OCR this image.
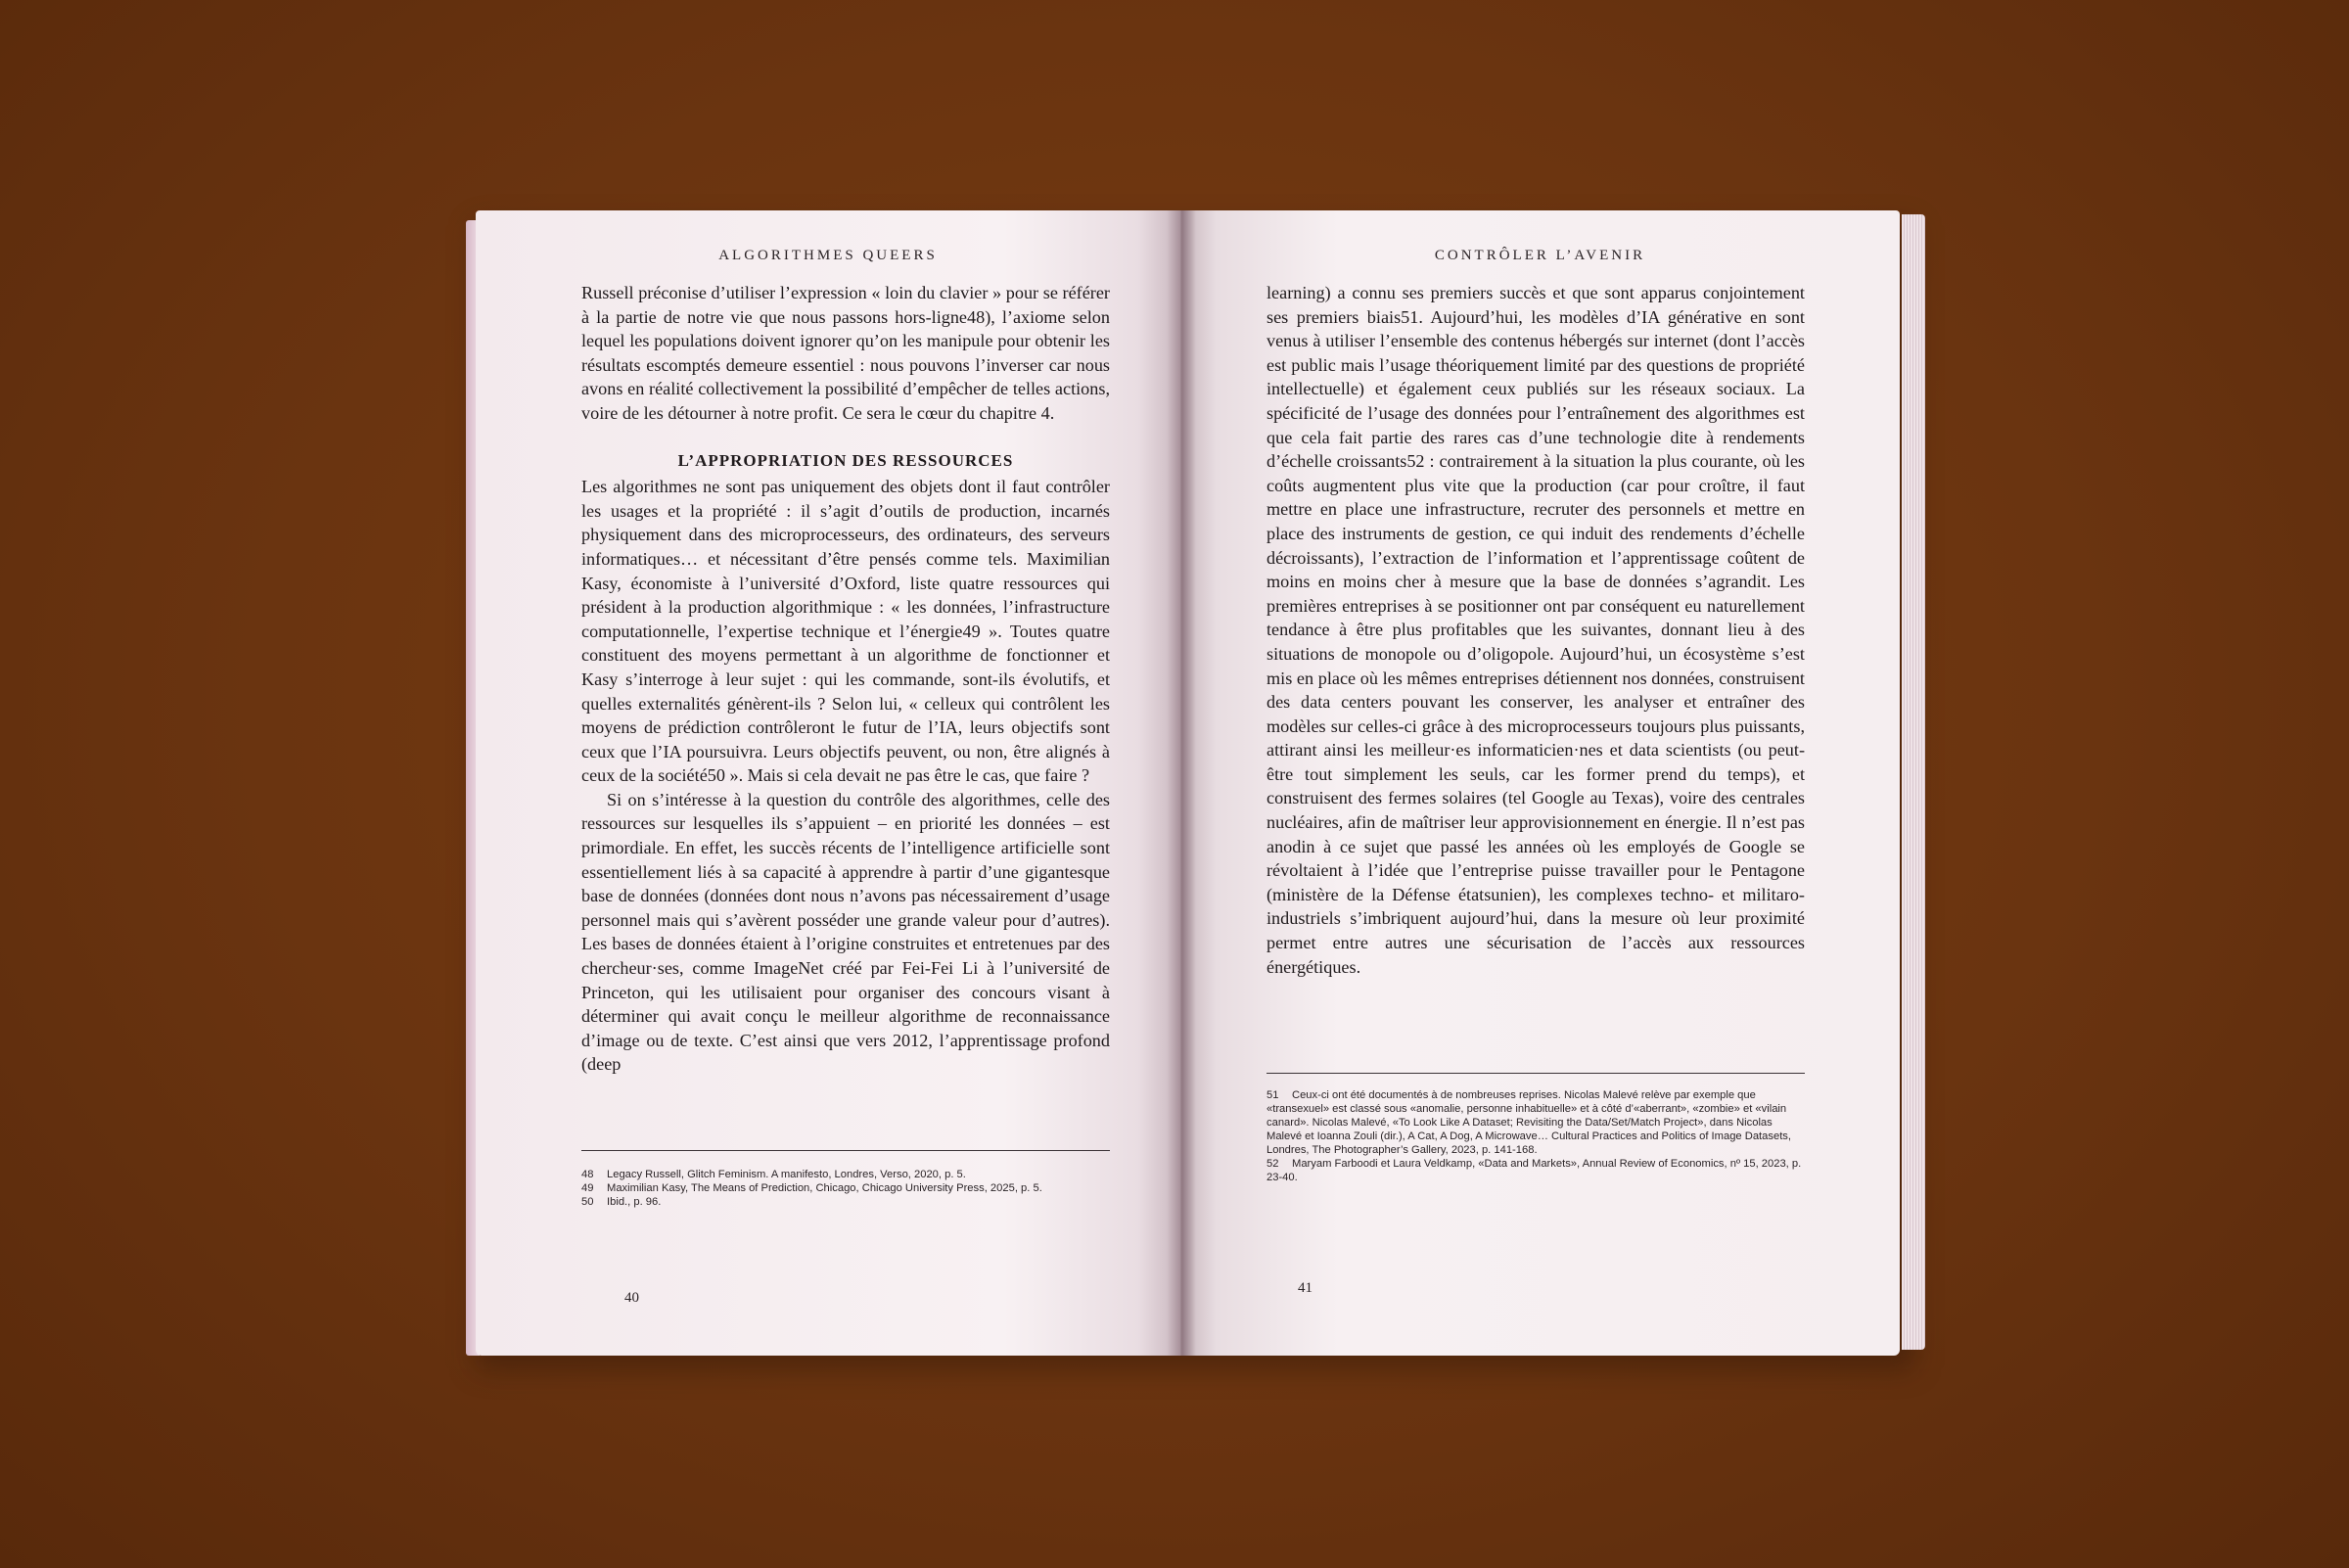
ALGORITHMES QUEERS

Russell préconise d’utiliser l’expression « loin du clavier » pour se référer à la partie de notre vie que nous passons hors-ligne48), l’axiome selon lequel les populations doivent ignorer qu’on les manipule pour obtenir les résultats escomptés demeure essentiel : nous pouvons l’inverser car nous avons en réalité collectivement la possibilité d’empêcher de telles actions, voire de les détourner à notre profit. Ce sera le cœur du chapitre 4.

L’APPROPRIATION DES RESSOURCES

Les algorithmes ne sont pas uniquement des objets dont il faut contrôler les usages et la propriété : il s’agit d’outils de production, incarnés physiquement dans des microprocesseurs, des ordinateurs, des serveurs informatiques… et nécessitant d’être pensés comme tels. Maximilian Kasy, économiste à l’université d’Oxford, liste quatre ressources qui président à la production algorithmique : « les données, l’infrastructure computationnelle, l’expertise technique et l’énergie49 ». Toutes quatre constituent des moyens permettant à un algorithme de fonctionner et Kasy s’interroge à leur sujet : qui les commande, sont-ils évolutifs, et quelles externalités génèrent-ils ? Selon lui, « celleux qui contrôlent les moyens de prédiction contrôleront le futur de l’IA, leurs objectifs sont ceux que l’IA poursuivra. Leurs objectifs peuvent, ou non, être alignés à ceux de la société50 ». Mais si cela devait ne pas être le cas, que faire ?

Si on s’intéresse à la question du contrôle des algorithmes, celle des ressources sur lesquelles ils s’appuient – en priorité les données – est primordiale. En effet, les succès récents de l’intelligence artificielle sont essentiellement liés à sa capacité à apprendre à partir d’une gigantesque base de données (données dont nous n’avons pas nécessairement d’usage personnel mais qui s’avèrent posséder une grande valeur pour d’autres). Les bases de données étaient à l’origine construites et entretenues par des chercheur·ses, comme ImageNet créé par Fei-Fei Li à l’université de Princeton, qui les utilisaient pour organiser des concours visant à déterminer qui avait conçu le meilleur algorithme de reconnaissance d’image ou de texte. C’est ainsi que vers 2012, l’apprentissage profond (deep

48 Legacy Russell, Glitch Feminism. A manifesto, Londres, Verso, 2020, p. 5.
49 Maximilian Kasy, The Means of Prediction, Chicago, Chicago University Press, 2025, p. 5.
50 Ibid., p. 96.
40
CONTRÔLER L’AVENIR

learning) a connu ses premiers succès et que sont apparus conjointement ses premiers biais51. Aujourd’hui, les modèles d’IA générative en sont venus à utiliser l’ensemble des contenus hébergés sur internet (dont l’accès est public mais l’usage théoriquement limité par des questions de propriété intellectuelle) et également ceux publiés sur les réseaux sociaux. La spécificité de l’usage des données pour l’entraînement des algorithmes est que cela fait partie des rares cas d’une technologie dite à rendements d’échelle croissants52 : contrairement à la situation la plus courante, où les coûts augmentent plus vite que la production (car pour croître, il faut mettre en place une infrastructure, recruter des personnels et mettre en place des instruments de gestion, ce qui induit des rendements d’échelle décroissants), l’extraction de l’information et l’apprentissage coûtent de moins en moins cher à mesure que la base de données s’agrandit. Les premières entreprises à se positionner ont par conséquent eu naturellement tendance à être plus profitables que les suivantes, donnant lieu à des situations de monopole ou d’oligopole. Aujourd’hui, un écosystème s’est mis en place où les mêmes entreprises détiennent nos données, construisent des data centers pouvant les conserver, les analyser et entraîner des modèles sur celles-ci grâce à des microprocesseurs toujours plus puissants, attirant ainsi les meilleur·es informaticien·nes et data scientists (ou peut-être tout simplement les seuls, car les former prend du temps), et construisent des fermes solaires (tel Google au Texas), voire des centrales nucléaires, afin de maîtriser leur approvisionnement en énergie. Il n’est pas anodin à ce sujet que passé les années où les employés de Google se révoltaient à l’idée que l’entreprise puisse travailler pour le Pentagone (ministère de la Défense étatsunien), les complexes techno- et militaro-industriels s’imbriquent aujourd’hui, dans la mesure où leur proximité permet entre autres une sécurisation de l’accès aux ressources énergétiques.

51 Ceux-ci ont été documentés à de nombreuses reprises. Nicolas Malevé relève par exemple que «transexuel» est classé sous «anomalie, personne inhabituelle» et à côté d’«aberrant», «zombie» et «vilain canard». Nicolas Malevé, «To Look Like A Dataset; Revisiting the Data/Set/Match Project», dans Nicolas Malevé et Ioanna Zouli (dir.), A Cat, A Dog, A Microwave… Cultural Practices and Politics of Image Datasets, Londres, The Photographer’s Gallery, 2023, p. 141-168.
52 Maryam Farboodi et Laura Veldkamp, «Data and Markets», Annual Review of Economics, nº 15, 2023, p. 23-40.
41
